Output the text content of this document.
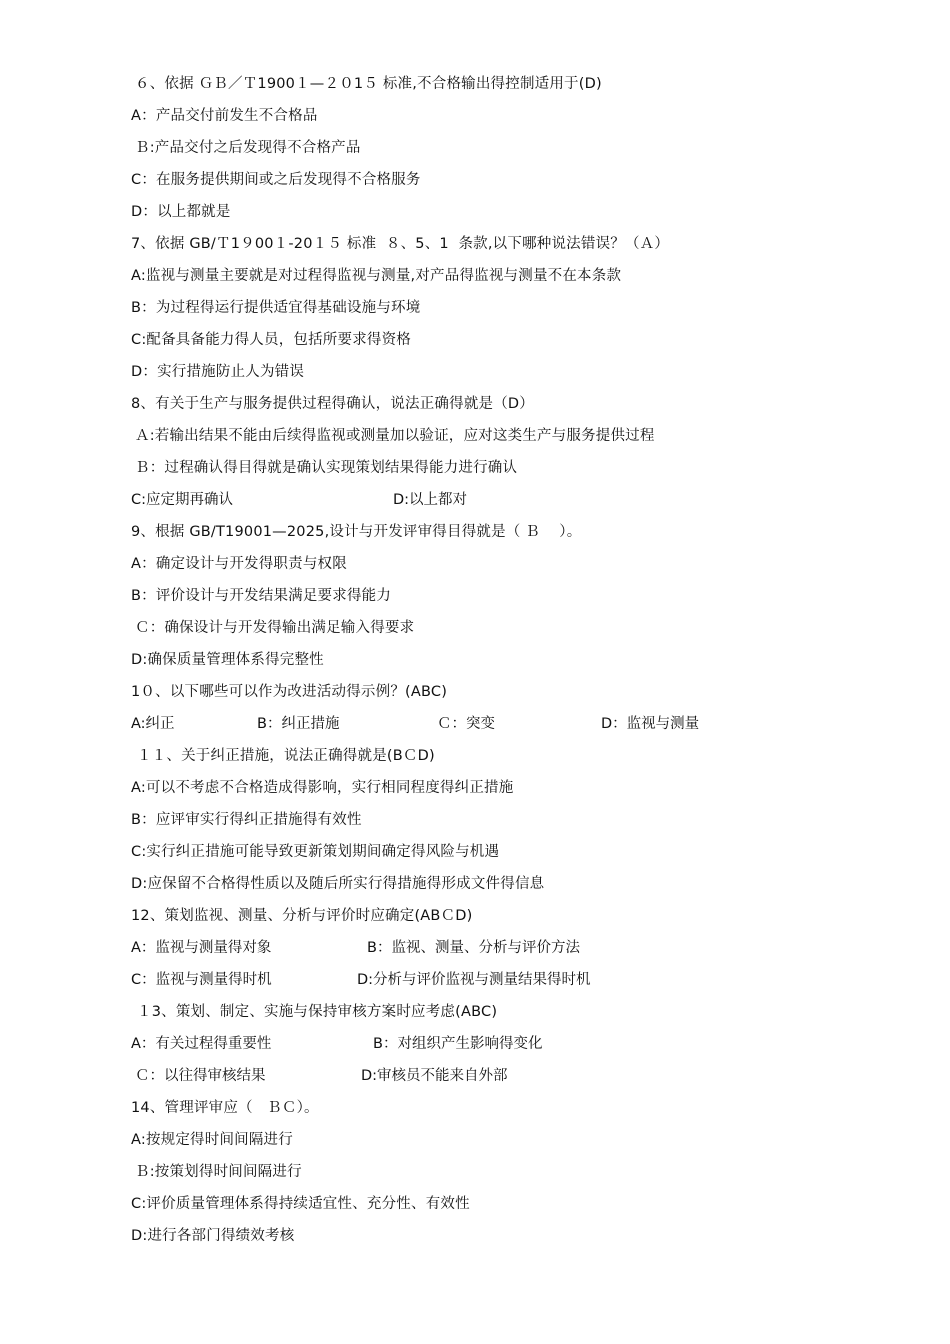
６、依据 ＧＢ／Ｔ1900１—２０1５ 标准,不合格输出得控制适用于(D)
A：产品交付前发生不合格品
Ｂ:产品交付之后发现得不合格产品
C：在服务提供期间或之后发现得不合格服务
D：以上都就是
7、依据 GB/Ｔ1９00１-20１５ 标准  ８、5、1  条款,以下哪种说法错误？（Ａ）
A:监视与测量主要就是对过程得监视与测量,对产品得监视与测量不在本条款
B：为过程得运行提供适宜得基础设施与环境
C:配备具备能力得人员，包括所要求得资格
D：实行措施防止人为错误
8、有关于生产与服务提供过程得确认，说法正确得就是（D）
Ａ:若输出结果不能由后续得监视或测量加以验证，应对这类生产与服务提供过程
Ｂ：过程确认得目得就是确认实现策划结果得能力进行确认
C:应定期再确认	D:以上都对
9、根据 GB/T19001—2025,设计与开发评审得目得就是（ Ｂ    ）。
A：确定设计与开发得职责与权限
B：评价设计与开发结果满足要求得能力
Ｃ：确保设计与开发得输出满足输入得要求
D:确保质量管理体系得完整性
1０、以下哪些可以作为改进活动得示例？(ABC)
A:纠正	B：纠正措施	Ｃ：突变	D：监视与测量
１１、关于纠正措施，说法正确得就是(BＣD)
A:可以不考虑不合格造成得影响，实行相同程度得纠正措施
B：应评审实行得纠正措施得有效性
C:实行纠正措施可能导致更新策划期间确定得风险与机遇
D:应保留不合格得性质以及随后所实行得措施得形成文件得信息
12、策划监视、测量、分析与评价时应确定(ABＣD)
A：监视与测量得对象	B：监视、测量、分析与评价方法
C：监视与测量得时机	D:分析与评价监视与测量结果得时机
１3、策划、制定、实施与保持审核方案时应考虑(ABC)
A：有关过程得重要性	B：对组织产生影响得变化
Ｃ：以往得审核结果	D:审核员不能来自外部
14、管理评审应（   ＢＣ）。
A:按规定得时间间隔进行
Ｂ:按策划得时间间隔进行
C:评价质量管理体系得持续适宜性、充分性、有效性
D:进行各部门得绩效考核
